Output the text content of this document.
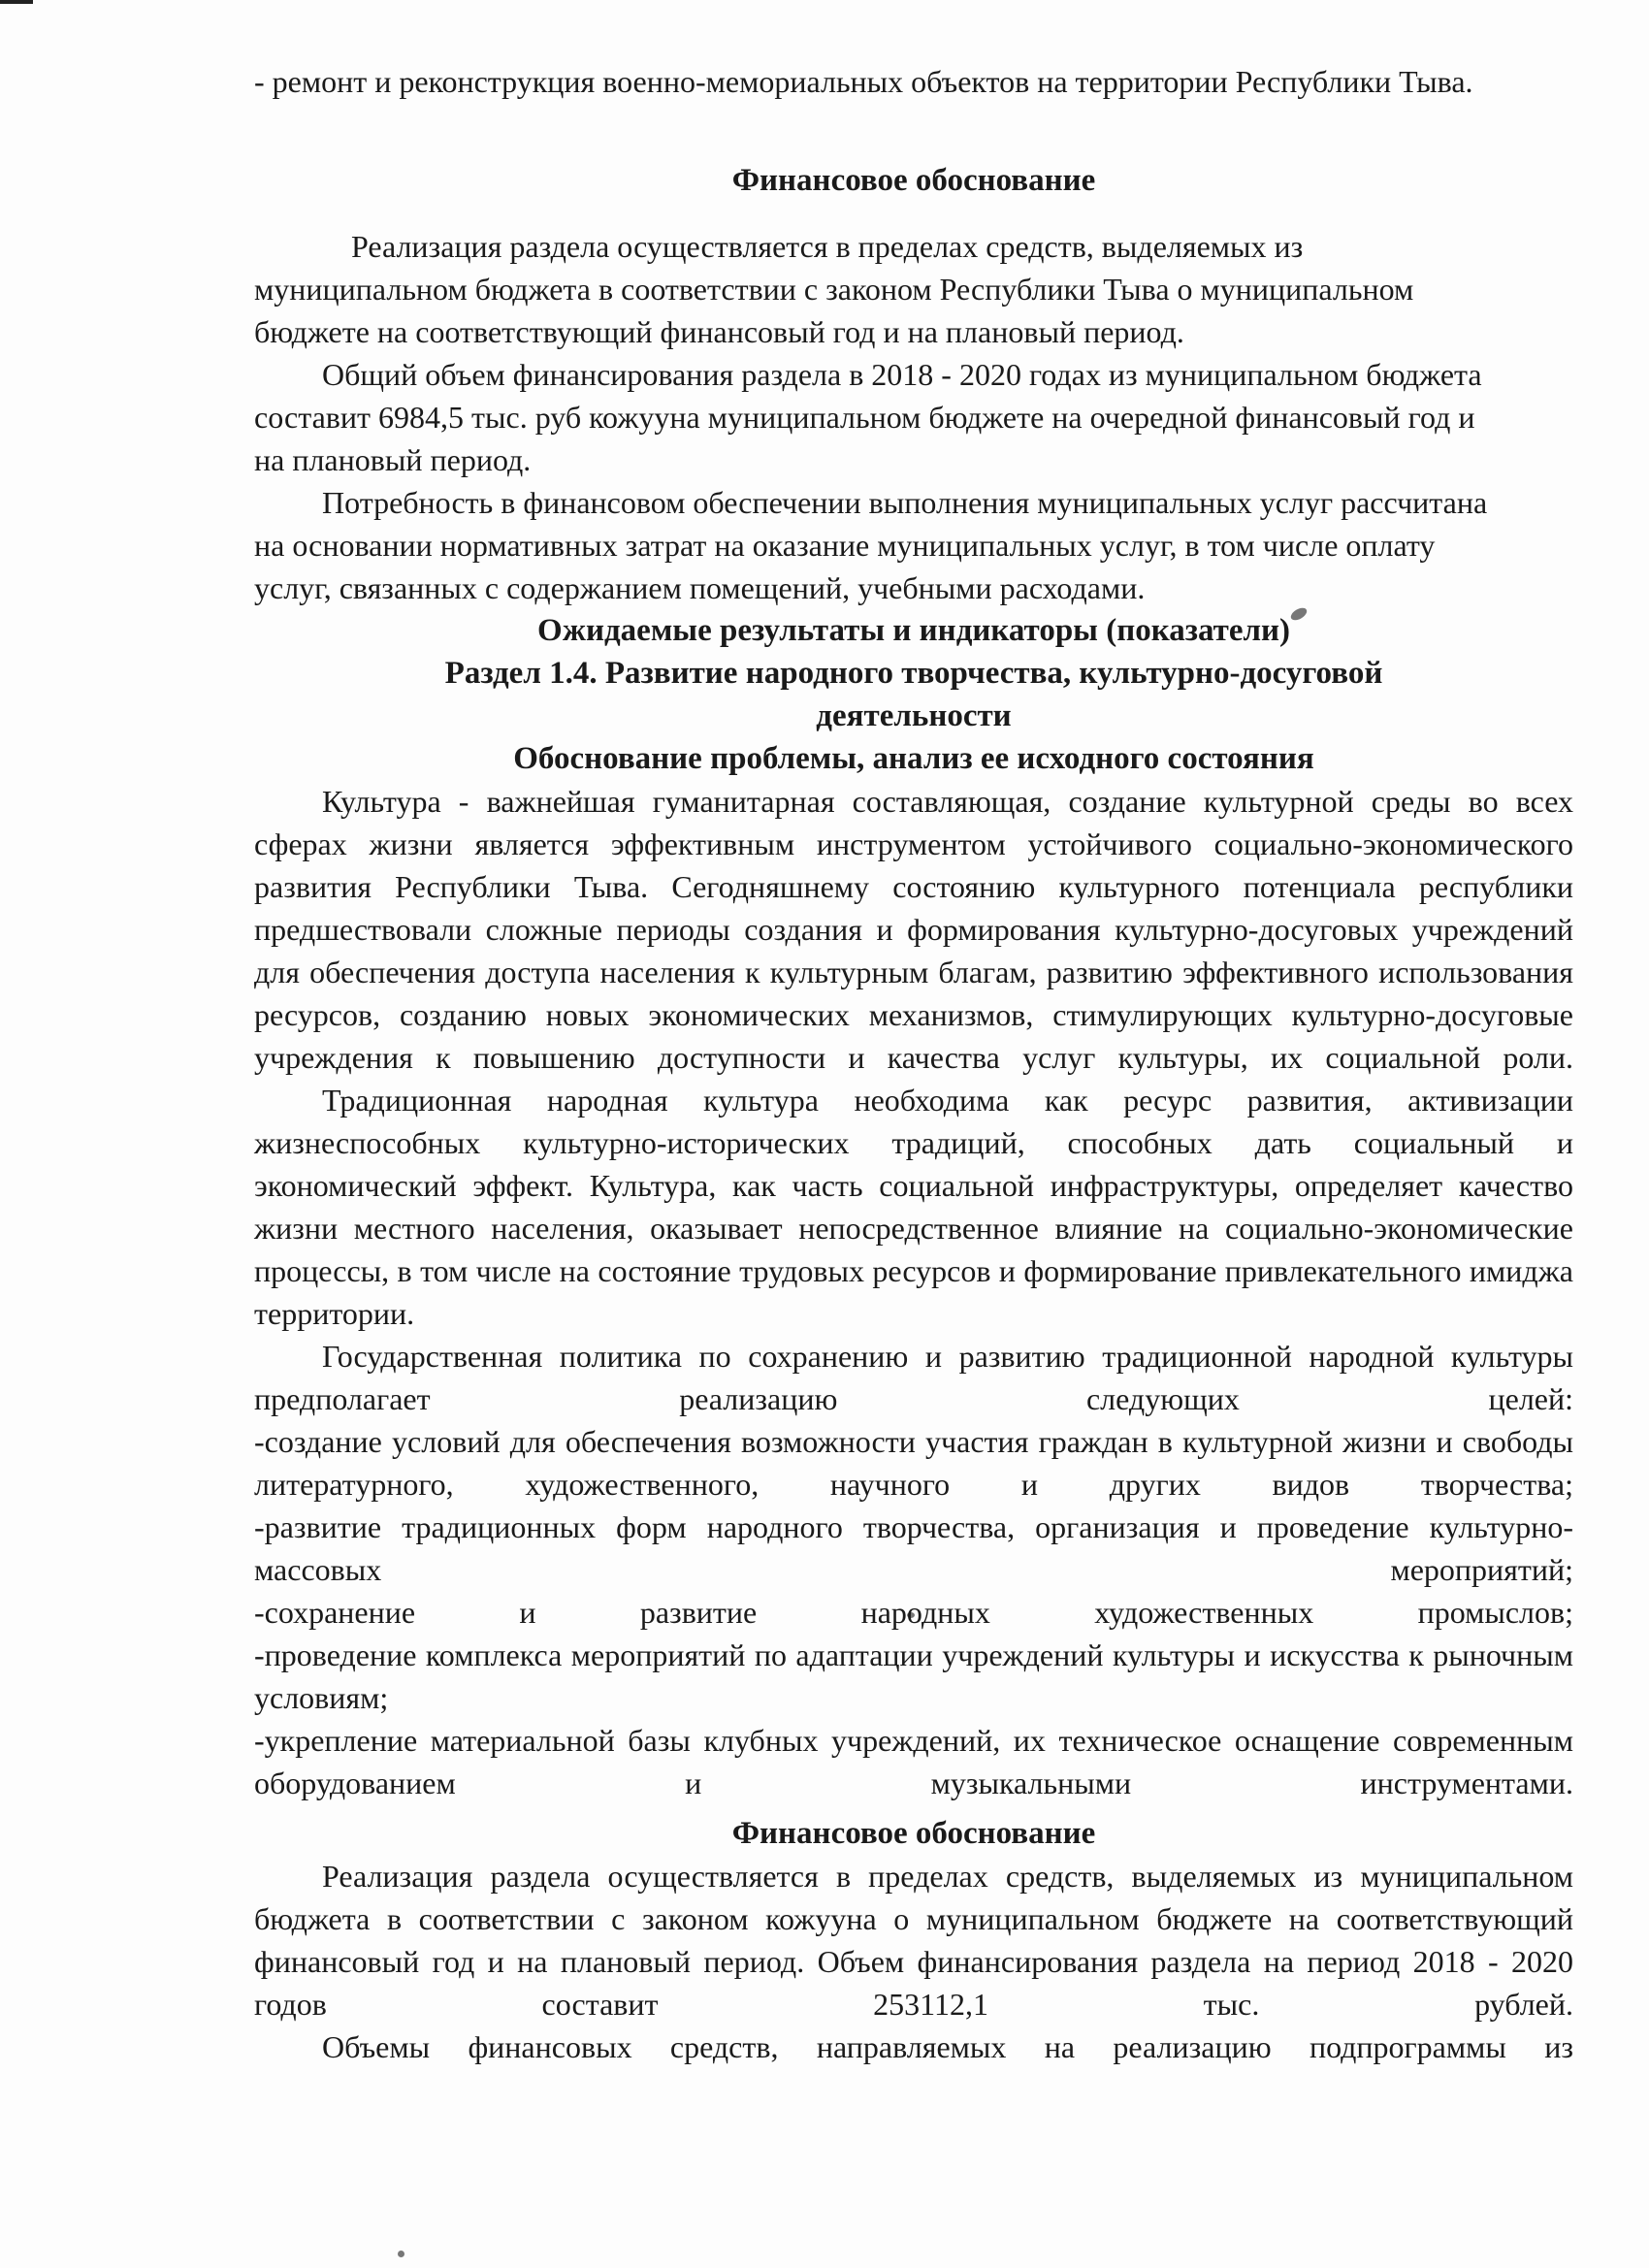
- ремонт и реконструкция военно-мемориальных объектов на территории Республики Тыва.

Финансовое обоснование

Реализация раздела осуществляется в пределах средств, выделяемых из

муниципальном бюджета в соответствии с законом Республики Тыва о муниципальном

бюджете на соответствующий финансовый год и на плановый период.

Общий объем финансирования раздела в 2018 - 2020 годах из муниципальном бюджета

составит 6984,5 тыс. руб кожууна муниципальном бюджете на очередной финансовый год и

на плановый период.

Потребность в финансовом обеспечении выполнения муниципальных услуг рассчитана

на основании нормативных затрат на оказание муниципальных услуг, в том числе оплату

услуг, связанных с содержанием помещений, учебными расходами.

Ожидаемые результаты и индикаторы (показатели)

Раздел 1.4. Развитие народного творчества, культурно-досуговой

деятельности

Обоснование проблемы, анализ ее исходного состояния

Культура - важнейшая гуманитарная составляющая, создание культурной среды во всех сферах жизни является эффективным инструментом устойчивого социально-экономического развития Республики Тыва. Сегодняшнему состоянию культурного потенциала республики предшествовали сложные периоды создания и формирования культурно-досуговых учреждений для обеспечения доступа населения к культурным благам, развитию эффективного использования ресурсов, созданию новых экономических механизмов, стимулирующих культурно-досуговые учреждения к повышению доступности и качества услуг культуры, их социальной роли.

Традиционная народная культура необходима как ресурс развития, активизации жизнеспособных культурно-исторических традиций, способных дать социальный и экономический эффект. Культура, как часть социальной инфраструктуры, определяет качество жизни местного населения, оказывает непосредственное влияние на социально-экономические процессы, в том числе на состояние трудовых ресурсов и формирование привлекательного имиджа территории.

Государственная политика по сохранению и развитию традиционной народной культуры предполагает реализацию следующих целей:

-создание условий для обеспечения возможности участия граждан в культурной жизни и свободы литературного, художественного, научного и других видов творчества;

-развитие традиционных форм народного творчества, организация и проведение культурно-массовых мероприятий;

-сохранение и развитие народных художественных промыслов;

-проведение комплекса мероприятий по адаптации учреждений культуры и искусства к рыночным условиям;

-укрепление материальной базы клубных учреждений, их техническое оснащение современным оборудованием и музыкальными инструментами.

Финансовое обоснование

Реализация раздела осуществляется в пределах средств, выделяемых из муниципальном бюджета в соответствии с законом кожууна о муниципальном бюджете на соответствующий финансовый год и на плановый период. Объем финансирования раздела на период 2018 - 2020 годов составит 253112,1 тыс. рублей.

Объемы финансовых средств, направляемых на реализацию подпрограммы из
